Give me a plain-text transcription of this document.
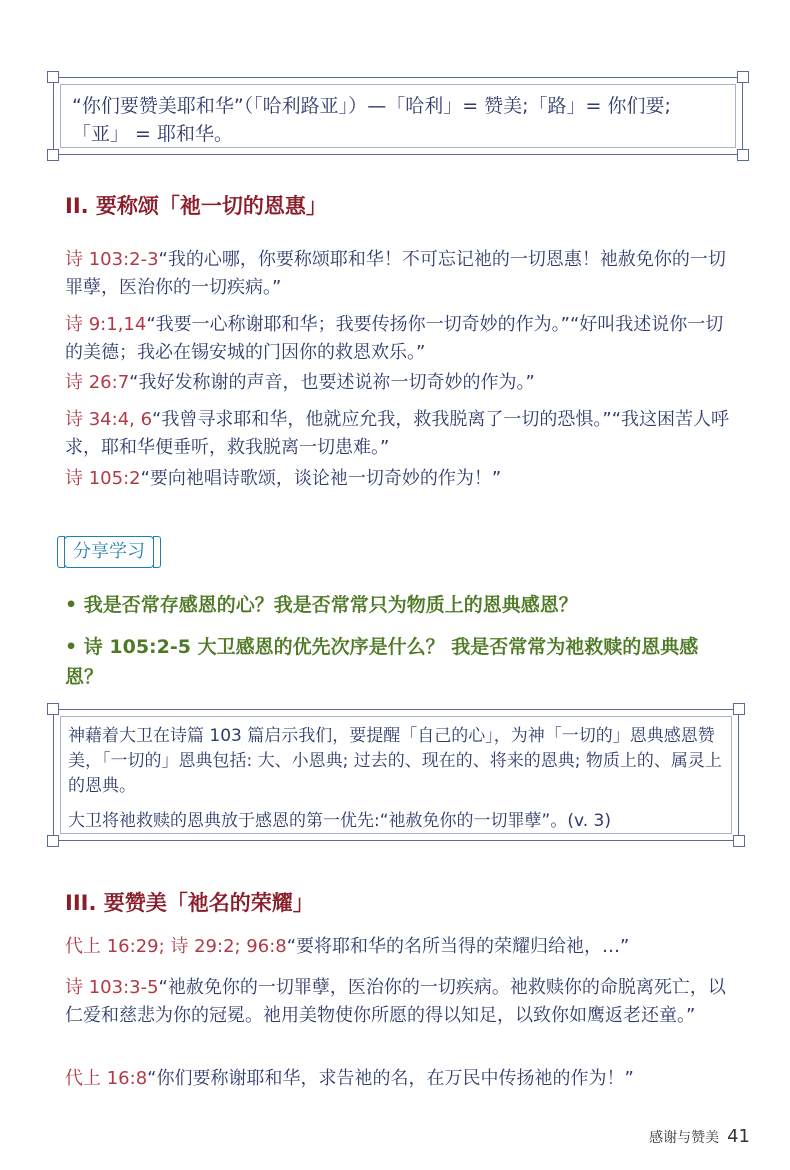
“你们要赞美耶和华”（「哈利路亚」）—「哈利」= 赞美;「路」= 你们要; 「亚」 = 耶和华。
II. 要称颂「祂一切的恩惠」
诗 103:2-3“我的心哪，你要称颂耶和华！不可忘记祂的一切恩惠！祂赦免你的一切罪孽，医治你的一切疾病。”
诗 9:1,14“我要一心称谢耶和华；我要传扬你一切奇妙的作为。”“好叫我述说你一切的美德；我必在锡安城的门因你的救恩欢乐。”
诗 26:7“我好发称谢的声音，也要述说祢一切奇妙的作为。”
诗 34:4, 6“我曾寻求耶和华，他就应允我，救我脱离了一切的恐惧。”“我这困苦人呼求，耶和华便垂听，救我脱离一切患难。”
诗 105:2“要向祂唱诗歌颂，谈论祂一切奇妙的作为！”
分享学习
• 我是否常存感恩的心？我是否常常只为物质上的恩典感恩？
• 诗 105:2-5 大卫感恩的优先次序是什么？ 我是否常常为祂救赎的恩典感恩？

神藉着大卫在诗篇 103 篇启示我们，要提醒「自己的心」，为神「一切的」恩典感恩赞美，「一切的」恩典包括: 大、小恩典; 过去的、现在的、将来的恩典; 物质上的、属灵上的恩典。

大卫将祂救赎的恩典放于感恩的第一优先:“祂赦免你的一切罪孽”。(v. 3)

III. 要赞美「祂名的荣耀」
代上 16:29; 诗 29:2; 96:8“要将耶和华的名所当得的荣耀归给祂，…”
诗 103:3-5“祂赦免你的一切罪孽，医治你的一切疾病。祂救赎你的命脱离死亡，以仁爱和慈悲为你的冠冕。祂用美物使你所愿的得以知足，以致你如鹰返老还童。”
代上 16:8“你们要称谢耶和华，求告祂的名，在万民中传扬祂的作为！”
感谢与赞美 41
